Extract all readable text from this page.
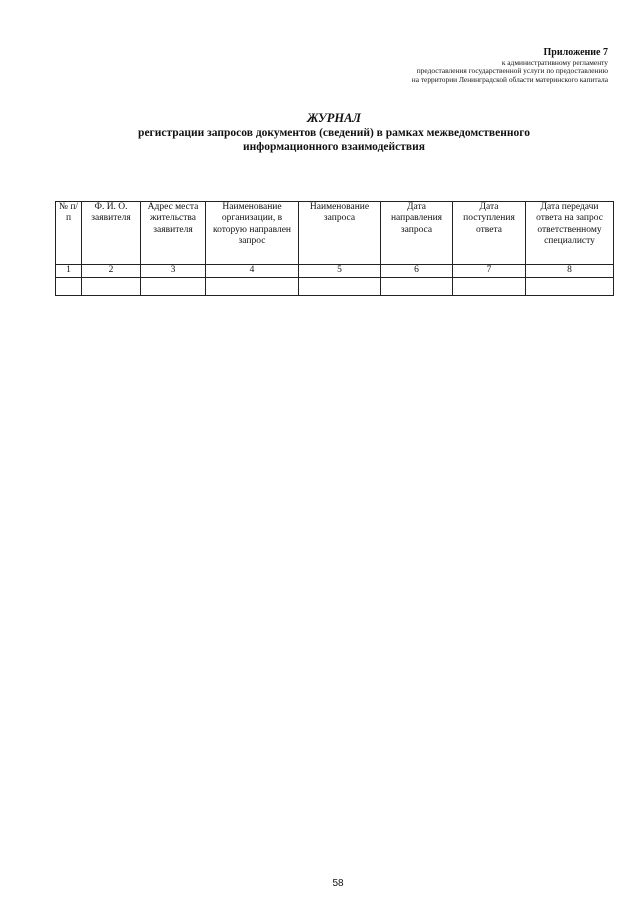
Приложение 7
к административному регламенту
предоставления государственной услуги по предоставлению
на территории Ленинградской области материнского капитала
ЖУРНАЛ
регистрации запросов документов (сведений) в рамках межведомственного
информационного взаимодействия
№ п/п	Ф. И. О. заявителя	Адрес места жительства заявителя	Наименование организации, в которую направлен запрос	Наименование запроса	Дата направления запроса	Дата поступления ответа	Дата передачи ответа на запрос ответственному специалисту
1	2	3	4	5	6	7	8

58
